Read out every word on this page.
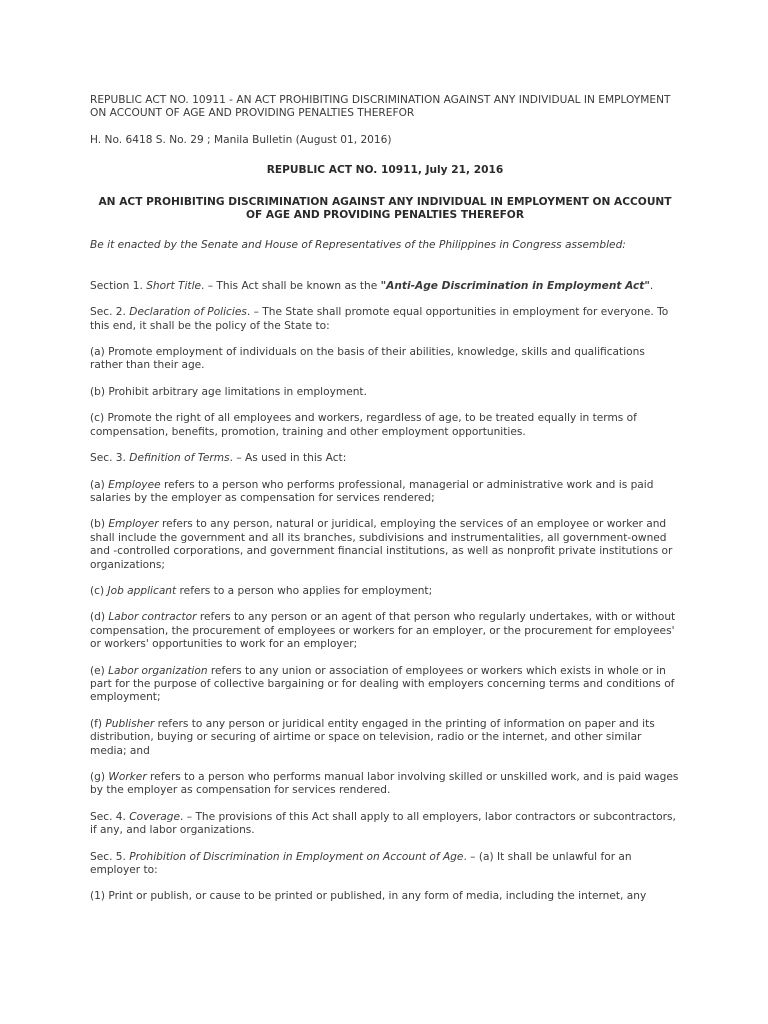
REPUBLIC ACT NO. 10911 - AN ACT PROHIBITING DISCRIMINATION AGAINST ANY INDIVIDUAL IN EMPLOYMENT ON ACCOUNT OF AGE AND PROVIDING PENALTIES THEREFOR

H. No. 6418 S. No. 29 ; Manila Bulletin (August 01, 2016)

REPUBLIC ACT NO. 10911, July 21, 2016

AN ACT PROHIBITING DISCRIMINATION AGAINST ANY INDIVIDUAL IN EMPLOYMENT ON ACCOUNT OF AGE AND PROVIDING PENALTIES THEREFOR

Be it enacted by the Senate and House of Representatives of the Philippines in Congress assembled:

Section 1. Short Title. – This Act shall be known as the "Anti-Age Discrimination in Employment Act".

Sec. 2. Declaration of Policies. – The State shall promote equal opportunities in employment for everyone. To this end, it shall be the policy of the State to:

(a) Promote employment of individuals on the basis of their abilities, knowledge, skills and qualifications rather than their age.

(b) Prohibit arbitrary age limitations in employment.

(c) Promote the right of all employees and workers, regardless of age, to be treated equally in terms of compensation, benefits, promotion, training and other employment opportunities.

Sec. 3. Definition of Terms. – As used in this Act:

(a) Employee refers to a person who performs professional, managerial or administrative work and is paid salaries by the employer as compensation for services rendered;

(b) Employer refers to any person, natural or juridical, employing the services of an employee or worker and shall include the government and all its branches, subdivisions and instrumentalities, all government-owned and -controlled corporations, and government financial institutions, as well as nonprofit private institutions or organizations;

(c) Job applicant refers to a person who applies for employment;

(d) Labor contractor refers to any person or an agent of that person who regularly undertakes, with or without compensation, the procurement of employees or workers for an employer, or the procurement for employees' or workers' opportunities to work for an employer;

(e) Labor organization refers to any union or association of employees or workers which exists in whole or in part for the purpose of collective bargaining or for dealing with employers concerning terms and conditions of employment;

(f) Publisher refers to any person or juridical entity engaged in the printing of information on paper and its distribution, buying or securing of airtime or space on television, radio or the internet, and other similar media; and

(g) Worker refers to a person who performs manual labor involving skilled or unskilled work, and is paid wages by the employer as compensation for services rendered.

Sec. 4. Coverage. – The provisions of this Act shall apply to all employers, labor contractors or subcontractors, if any, and labor organizations.

Sec. 5. Prohibition of Discrimination in Employment on Account of Age. – (a) It shall be unlawful for an employer to:

(1) Print or publish, or cause to be printed or published, in any form of media, including the internet, any
